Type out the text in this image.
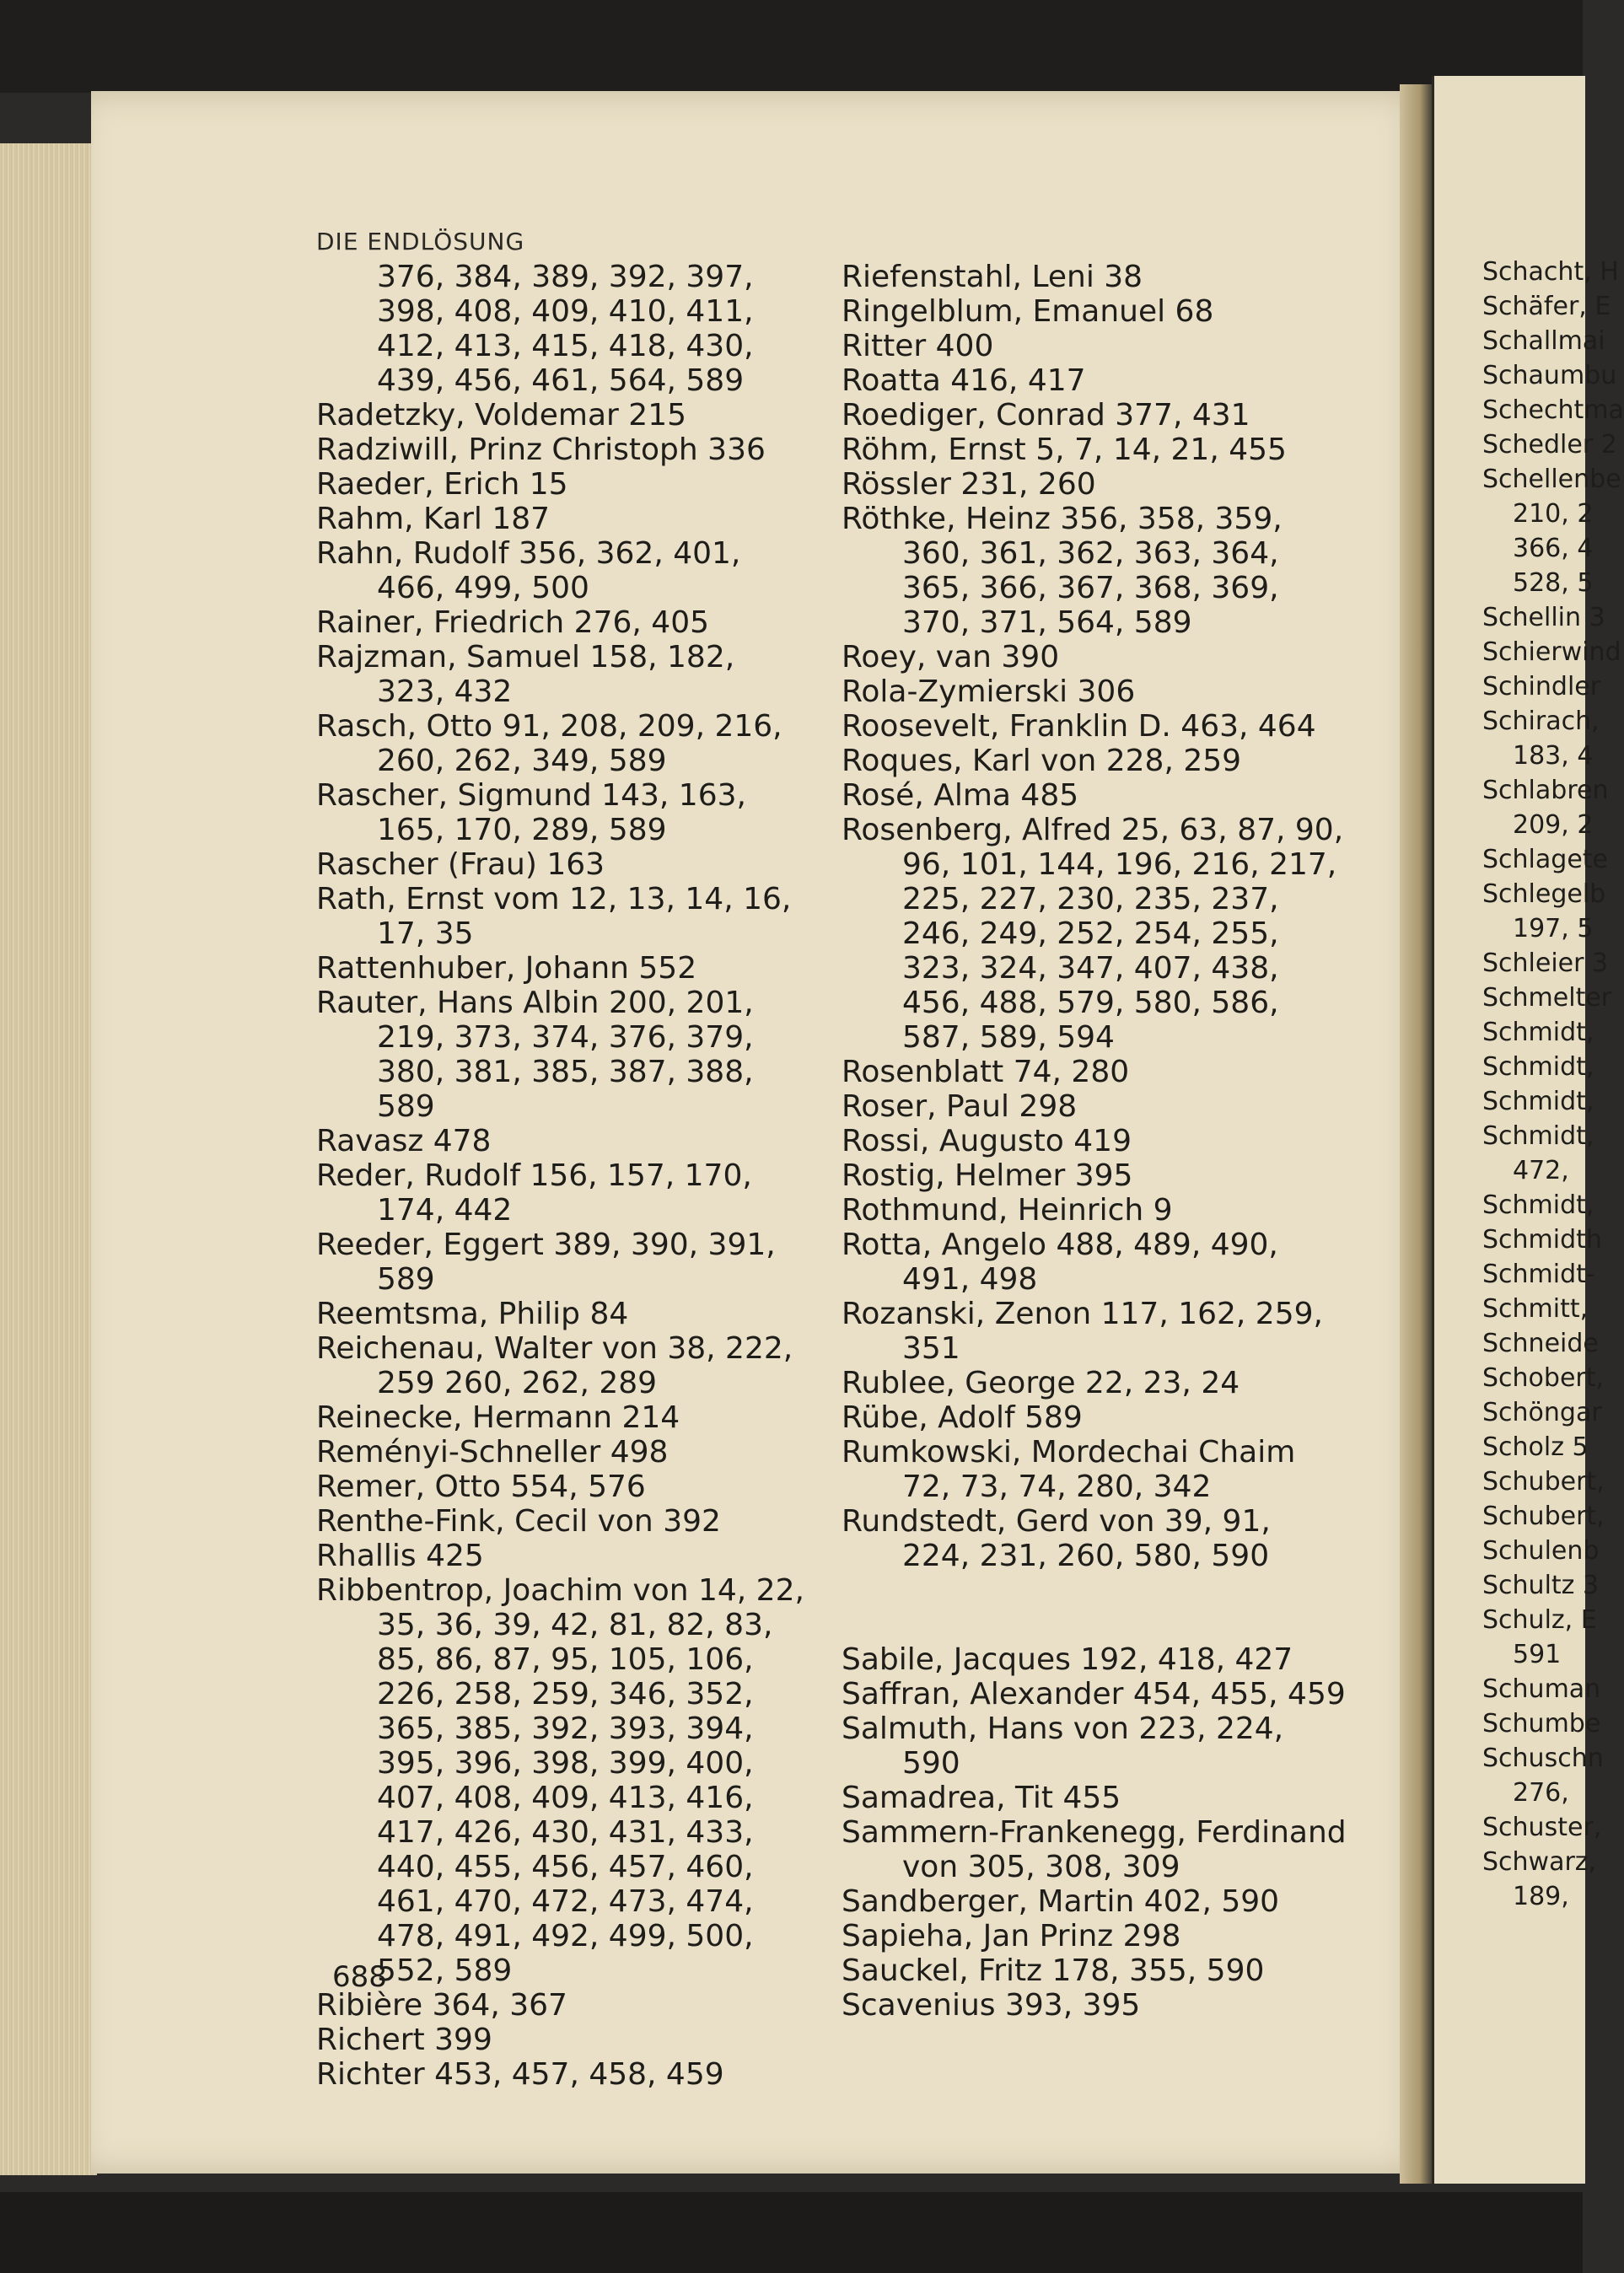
DIE ENDLÖSUNG

376, 384, 389, 392, 397, 398, 408, 409, 410, 411, 412, 413, 415, 418, 430, 439, 456, 461, 564, 589

Radetzky, Voldemar 215

Radziwill, Prinz Christoph 336

Raeder, Erich 15

Rahm, Karl 187

Rahn, Rudolf 356, 362, 401, 466, 499, 500

Rainer, Friedrich 276, 405

Rajzman, Samuel 158, 182, 323, 432

Rasch, Otto 91, 208, 209, 216, 260, 262, 349, 589

Rascher, Sigmund 143, 163, 165, 170, 289, 589

Rascher (Frau) 163

Rath, Ernst vom 12, 13, 14, 16, 17, 35

Rattenhuber, Johann 552

Rauter, Hans Albin 200, 201, 219, 373, 374, 376, 379, 380, 381, 385, 387, 388, 589

Ravasz 478

Reder, Rudolf 156, 157, 170, 174, 442

Reeder, Eggert 389, 390, 391, 589

Reemtsma, Philip 84

Reichenau, Walter von 38, 222, 259 260, 262, 289

Reinecke, Hermann 214

Reményi-Schneller 498

Remer, Otto 554, 576

Renthe-Fink, Cecil von 392

Rhallis 425

Ribbentrop, Joachim von 14, 22, 35, 36, 39, 42, 81, 82, 83, 85, 86, 87, 95, 105, 106, 226, 258, 259, 346, 352, 365, 385, 392, 393, 394, 395, 396, 398, 399, 400, 407, 408, 409, 413, 416, 417, 426, 430, 431, 433, 440, 455, 456, 457, 460, 461, 470, 472, 473, 474, 478, 491, 492, 499, 500, 552, 589

Ribière 364, 367

Richert 399

Richter 453, 457, 458, 459

Riefenstahl, Leni 38

Ringelblum, Emanuel 68

Ritter 400

Roatta 416, 417

Roediger, Conrad 377, 431

Röhm, Ernst 5, 7, 14, 21, 455

Rössler 231, 260

Röthke, Heinz 356, 358, 359, 360, 361, 362, 363, 364, 365, 366, 367, 368, 369, 370, 371, 564, 589

Roey, van 390

Rola-Zymierski 306

Roosevelt, Franklin D. 463, 464

Roques, Karl von 228, 259

Rosé, Alma 485

Rosenberg, Alfred 25, 63, 87, 90, 96, 101, 144, 196, 216, 217, 225, 227, 230, 235, 237, 246, 249, 252, 254, 255, 323, 324, 347, 407, 438, 456, 488, 579, 580, 586, 587, 589, 594

Rosenblatt 74, 280

Roser, Paul 298

Rossi, Augusto 419

Rostig, Helmer 395

Rothmund, Heinrich 9

Rotta, Angelo 488, 489, 490, 491, 498

Rozanski, Zenon 117, 162, 259, 351

Rublee, George 22, 23, 24

Rübe, Adolf 589

Rumkowski, Mordechai Chaim 72, 73, 74, 280, 342

Rundstedt, Gerd von 39, 91, 224, 231, 260, 580, 590

Sabile, Jacques 192, 418, 427

Saffran, Alexander 454, 455, 459

Salmuth, Hans von 223, 224, 590

Samadrea, Tit 455

Sammern-Frankenegg, Ferdinand von 305, 308, 309

Sandberger, Martin 402, 590

Sapieha, Jan Prinz 298

Sauckel, Fritz 178, 355, 590

Scavenius 393, 395

688
Schacht, H
Schäfer, E
Schallmai
Schaumbu
Schechtma
Schedler 2
Schellenbe
210, 2
366, 4
528, 5
Schellin 3
Schierwind
Schindler
Schirach,
183, 4
Schlabren
209, 2
Schlagete
Schlegelb
197, 5
Schleier 3
Schmelter
Schmidt,
Schmidt,
Schmidt,
Schmidt,
472,
Schmidt,
Schmidth
Schmidt-
Schmitt,
Schneide
Schobert,
Schöngar
Scholz 5
Schubert,
Schubert,
Schulenb
Schultz 3
Schulz, E
591
Schuman
Schumbe
Schuschn
276,
Schuster,
Schwarz,
189,
